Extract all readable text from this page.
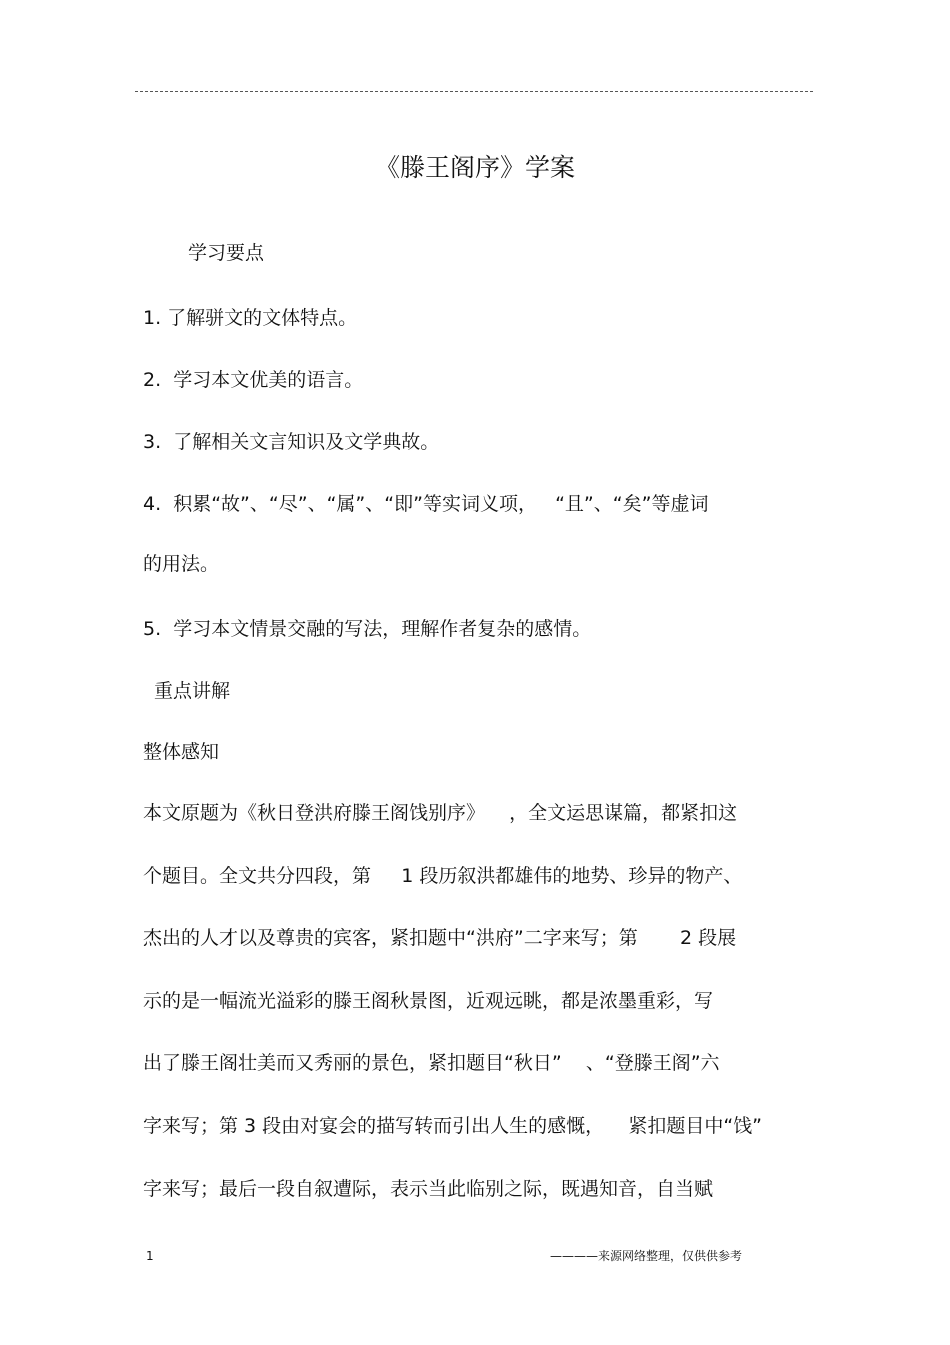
《滕王阁序》学案
学习要点
1. 了解骈文的文体特点。
2.  学习本文优美的语言。
3.  了解相关文言知识及文学典故。
4.  积累“故”、“尽”、“属”、“即”等实词义项，   “且”、“矣”等虚词
的用法。
5.  学习本文情景交融的写法，理解作者复杂的感情。
重点讲解
整体感知
本文原题为《秋日登洪府滕王阁饯别序》    ，全文运思谋篇，都紧扣这
个题目。全文共分四段，第     1 段历叙洪都雄伟的地势、珍异的物产、
杰出的人才以及尊贵的宾客，紧扣题中“洪府”二字来写；第       2 段展
示的是一幅流光溢彩的滕王阁秋景图，近观远眺，都是浓墨重彩，写
出了滕王阁壮美而又秀丽的景色，紧扣题目“秋日”    、“登滕王阁”六
字来写；第 3 段由对宴会的描写转而引出人生的感慨，    紧扣题目中“饯”
字来写；最后一段自叙遭际，表示当此临别之际，既遇知音，自当赋
1	————来源网络整理，仅供供参考
